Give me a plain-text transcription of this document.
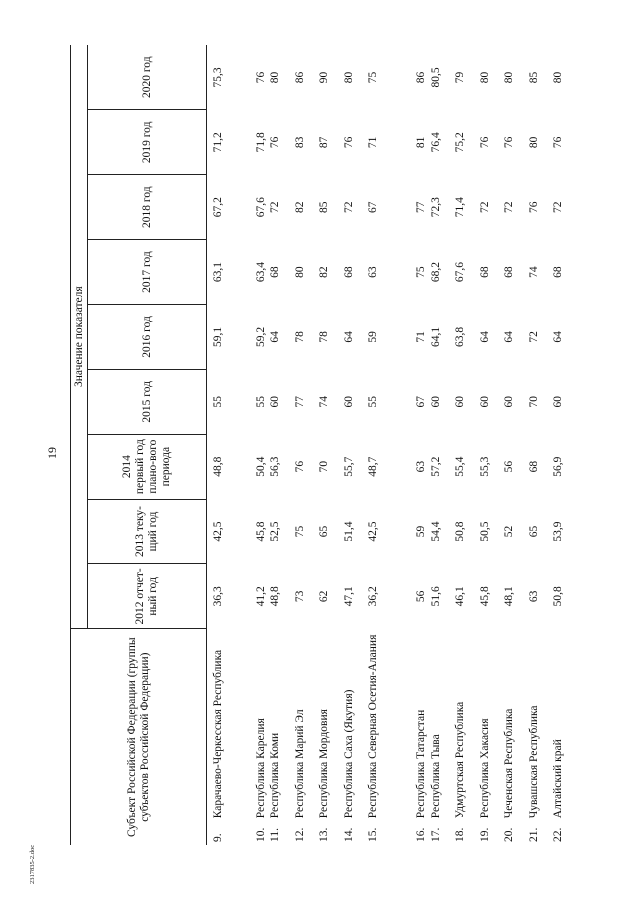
19
2317835-2.doc
Субъект Российской Федерации (группы субъектов Российской Федерации)		Значение показателя								
		2012 отчет-ный год	2013 теку-щий год	2014 первый год плано-вого периода	2015 год	2016 год	2017 год	2018 год	2019 год	2020 год
9.	Карачаево-Черкесская Республика	36,3	42,5	48,8	55	59,1	63,1	67,2	71,2	75,3
10.	Республика Карелия	41,2	45,8	50,4	55	59,2	63,4	67,6	71,8	76
11.	Республика Коми	48,8	52,5	56,3	60	64	68	72	76	80
12.	Республика Марий Эл	73	75	76	77	78	80	82	83	86
13.	Республика Мордовия	62	65	70	74	78	82	85	87	90
14.	Республика Саха (Якутия)	47,1	51,4	55,7	60	64	68	72	76	80
15.	Республика Северная Осетия-Алания	36,2	42,5	48,7	55	59	63	67	71	75
16.	Республика Татарстан	56	59	63	67	71	75	77	81	86
17.	Республика Тыва	51,6	54,4	57,2	60	64,1	68,2	72,3	76,4	80,5
18.	Удмуртская Республика	46,1	50,8	55,4	60	63,8	67,6	71,4	75,2	79
19.	Республика Хакасия	45,8	50,5	55,3	60	64	68	72	76	80
20.	Чеченская Республика	48,1	52	56	60	64	68	72	76	80
21.	Чувашская Республика	63	65	68	70	72	74	76	80	85
22.	Алтайский край	50,8	53,9	56,9	60	64	68	72	76	80
